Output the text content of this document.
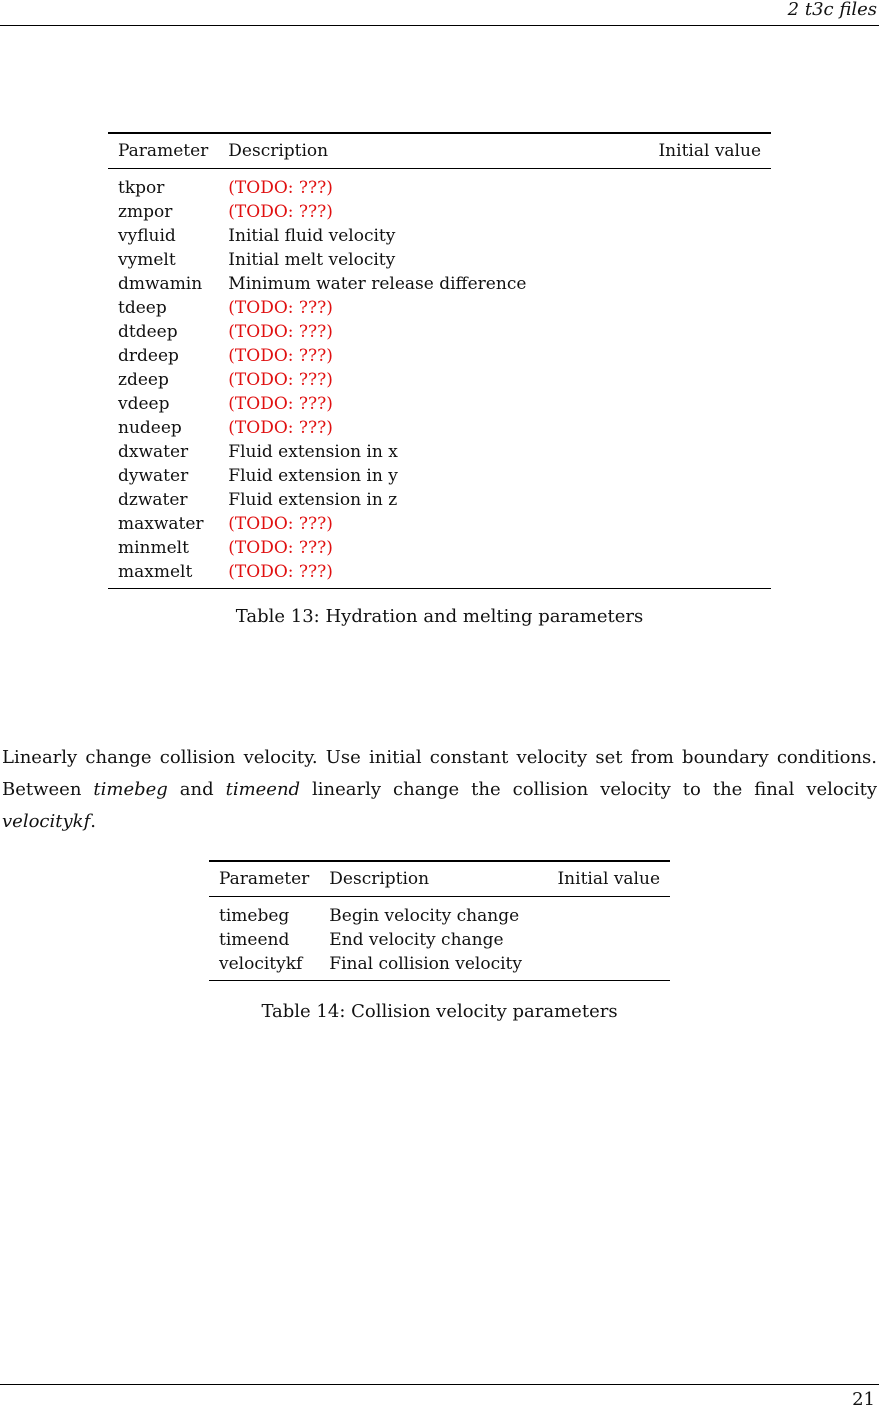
2 t3c files
Parameter	Description	Initial value
tkpor	(TODO: ???)	
zmpor	(TODO: ???)	
vyfluid	Initial fluid velocity	
vymelt	Initial melt velocity	
dmwamin	Minimum water release difference	
tdeep	(TODO: ???)	
dtdeep	(TODO: ???)	
drdeep	(TODO: ???)	
zdeep	(TODO: ???)	
vdeep	(TODO: ???)	
nudeep	(TODO: ???)	
dxwater	Fluid extension in x	
dywater	Fluid extension in y	
dzwater	Fluid extension in z	
maxwater	(TODO: ???)	
minmelt	(TODO: ???)	
maxmelt	(TODO: ???)	
Table 13: Hydration and melting parameters

Linearly change collision velocity. Use initial constant velocity set from boundary conditions. Between timebeg and timeend linearly change the collision velocity to the final velocity velocitykf.

Parameter	Description	Initial value
timebeg	Begin velocity change	
timeend	End velocity change	
velocitykf	Final collision velocity	
Table 14: Collision velocity parameters
21
